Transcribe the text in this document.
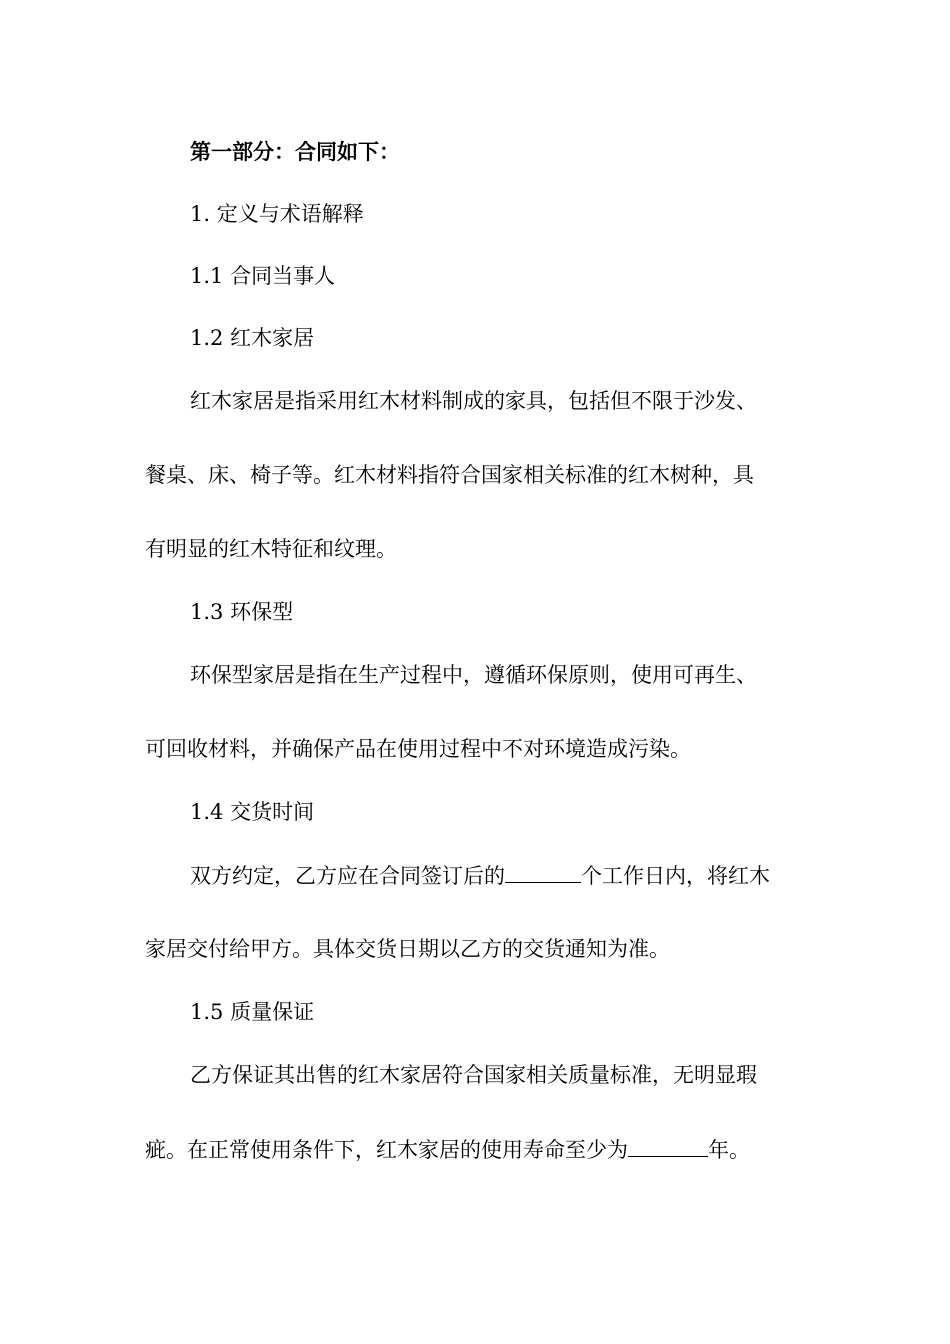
第一部分：合同如下：
1. 定义与术语解释
1.1 合同当事人
1.2 红木家居
红木家居是指采用红木材料制成的家具，包括但不限于沙发、
餐桌、床、椅子等。红木材料指符合国家相关标准的红木树种，具
有明显的红木特征和纹理。
1.3 环保型
环保型家居是指在生产过程中，遵循环保原则，使用可再生、
可回收材料，并确保产品在使用过程中不对环境造成污染。
1.4 交货时间
双方约定，乙方应在合同签订后的	个工作日内，将红木
家居交付给甲方。具体交货日期以乙方的交货通知为准。
1.5 质量保证
乙方保证其出售的红木家居符合国家相关质量标准，无明显瑕
疵。在正常使用条件下，红木家居的使用寿命至少为	年。
